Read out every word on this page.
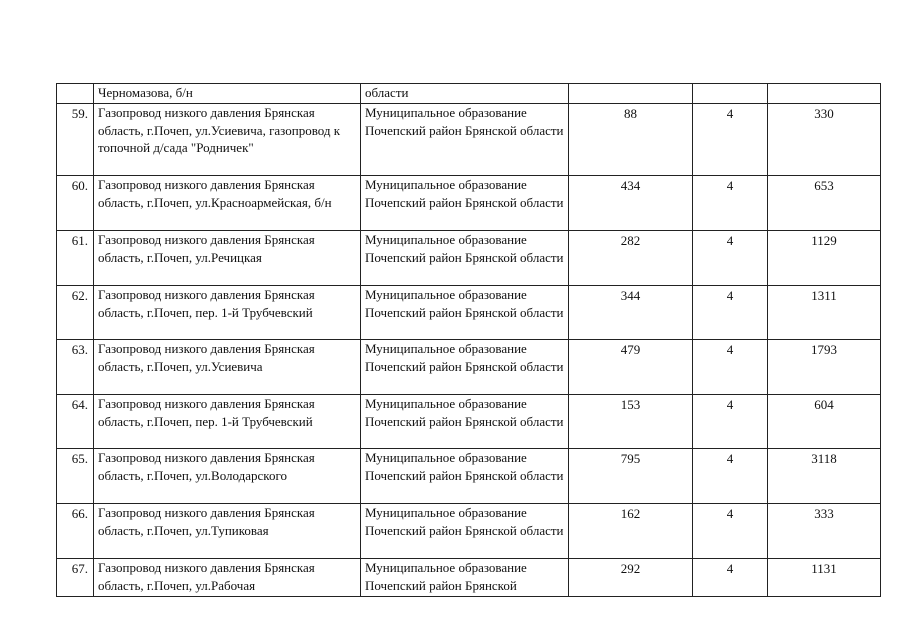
	Черномазова, б/н	области			
59.	Газопровод низкого давления Брянская область, г.Почеп, ул.Усиевича, газопровод к топочной д/сада "Родничек"	Муниципальное образование Почепский район Брянской области	88	4	330
60.	Газопровод низкого давления Брянская область, г.Почеп, ул.Красноармейская, б/н	Муниципальное образование Почепский район Брянской области	434	4	653
61.	Газопровод низкого давления Брянская область, г.Почеп, ул.Речицкая	Муниципальное образование Почепский район Брянской области	282	4	1129
62.	Газопровод низкого давления Брянская область, г.Почеп, пер. 1-й Трубчевский	Муниципальное образование Почепский район Брянской области	344	4	1311
63.	Газопровод низкого давления Брянская область, г.Почеп, ул.Усиевича	Муниципальное образование Почепский район Брянской области	479	4	1793
64.	Газопровод низкого давления Брянская область, г.Почеп, пер. 1-й Трубчевский	Муниципальное образование Почепский район Брянской области	153	4	604
65.	Газопровод низкого давления Брянская область, г.Почеп, ул.Володарского	Муниципальное образование Почепский район Брянской области	795	4	3118
66.	Газопровод низкого давления Брянская область, г.Почеп, ул.Тупиковая	Муниципальное образование Почепский район Брянской области	162	4	333
67.	Газопровод низкого давления Брянская область, г.Почеп, ул.Рабочая	Муниципальное образование Почепский район Брянской	292	4	1131
